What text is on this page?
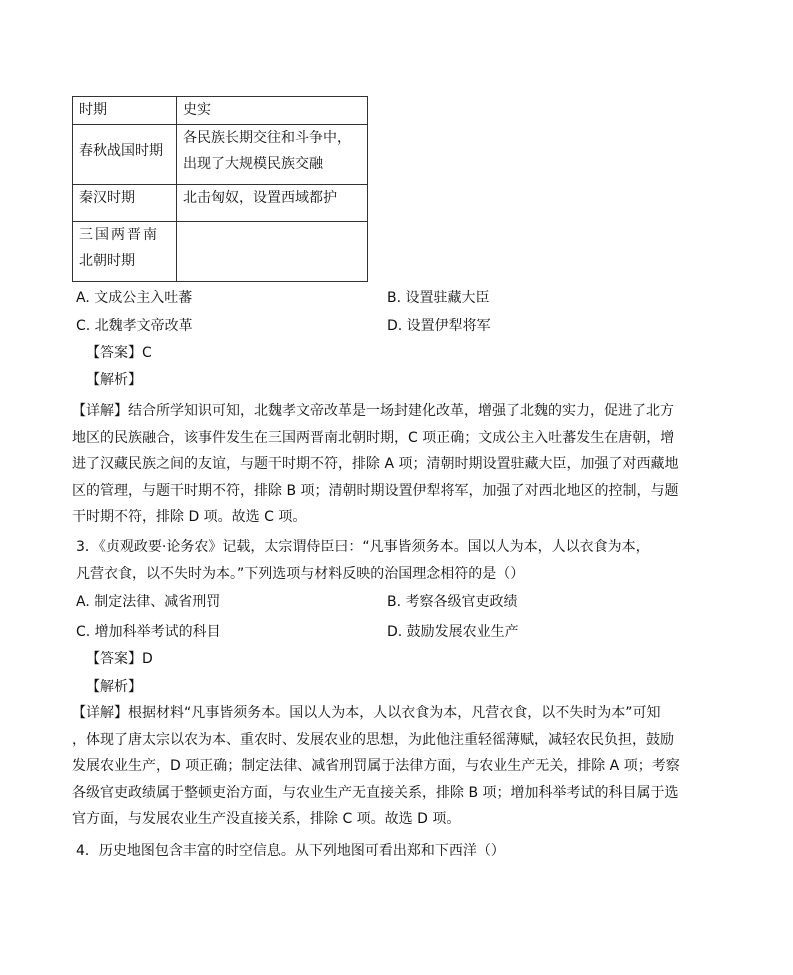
时期	史实
春秋战国时期	各民族长期交往和斗争中，
出现了大规模民族交融

秦汉时期	北击匈奴，设置西域都护

三国两晋南
北朝时期	

A. 文成公主入吐蕃	B. 设置驻藏大臣
C. 北魏孝文帝改革	D. 设置伊犁将军
【答案】C
【解析】

【详解】结合所学知识可知，北魏孝文帝改革是一场封建化改革，增强了北魏的实力，促进了北方

地区的民族融合，该事件发生在三国两晋南北朝时期，C 项正确；文成公主入吐蕃发生在唐朝，增

进了汉藏民族之间的友谊，与题干时期不符，排除 A 项；清朝时期设置驻藏大臣，加强了对西藏地

区的管理，与题干时期不符，排除 B 项；清朝时期设置伊犁将军，加强了对西北地区的控制，与题

干时期不符，排除 D 项。故选 C 项。

3．《贞观政要·论务农》记载，太宗谓侍臣曰：“凡事皆须务本。国以人为本，人以衣食为本，

凡营衣食，以不失时为本。”下列选项与材料反映的治国理念相符的是（）

A. 制定法律、减省刑罚	B. 考察各级官吏政绩
C. 增加科举考试的科目	D. 鼓励发展农业生产
【答案】D
【解析】

【详解】根据材料“凡事皆须务本。国以人为本，人以衣食为本，凡营衣食，以不失时为本”可知

，体现了唐太宗以农为本、重农时、发展农业的思想，为此他注重轻徭薄赋，减轻农民负担，鼓励

发展农业生产，D 项正确；制定法律、减省刑罚属于法律方面，与农业生产无关，排除 A 项；考察

各级官吏政绩属于整顿吏治方面，与农业生产无直接关系，排除 B 项；增加科举考试的科目属于选

官方面，与发展农业生产没直接关系，排除 C 项。故选 D 项。

4．历史地图包含丰富的时空信息。从下列地图可看出郑和下西洋（）
